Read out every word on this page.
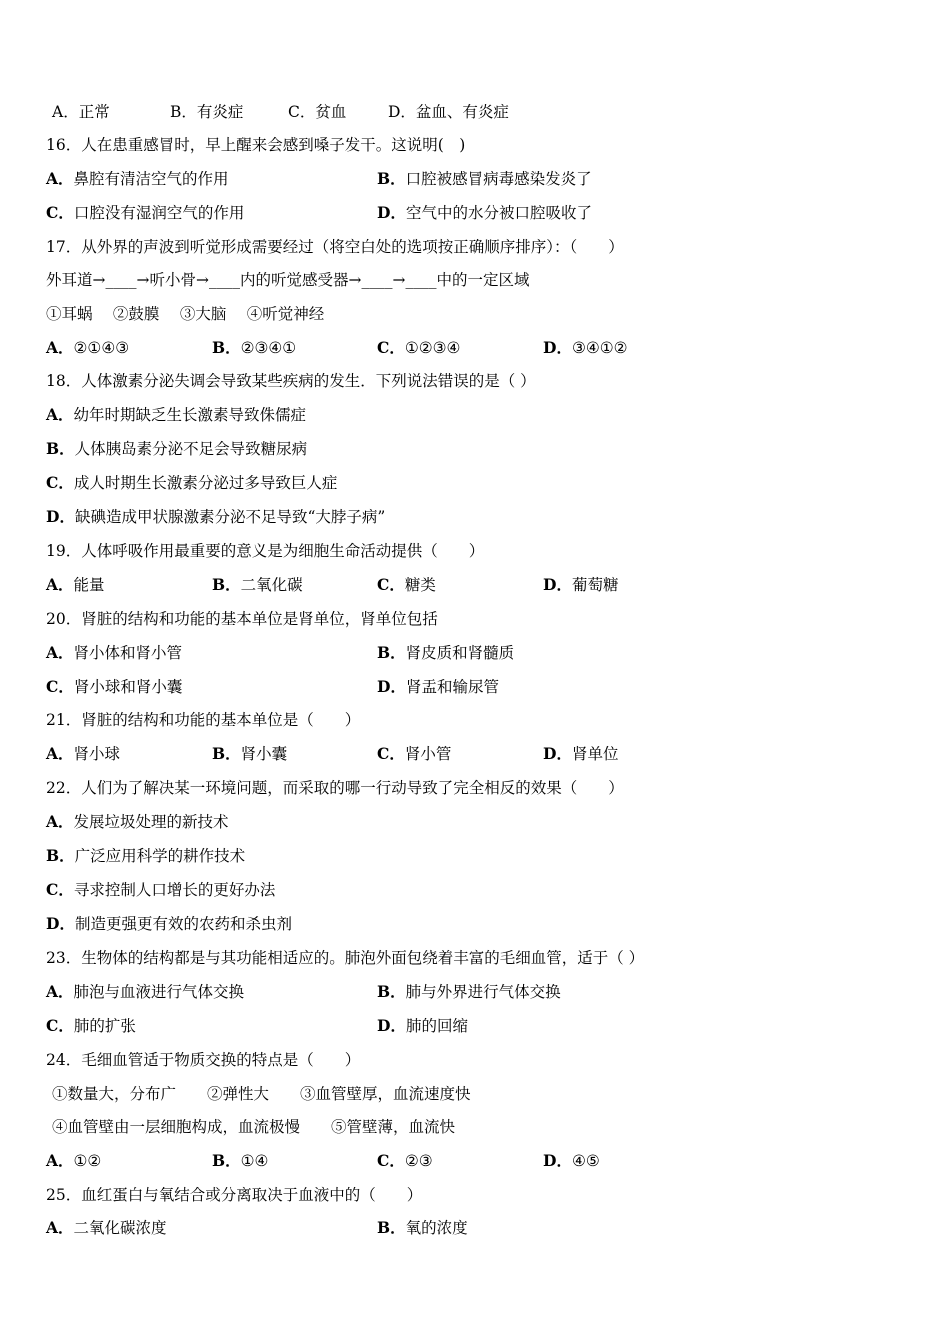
A．正常	B．有炎症	C．贫血	D．盆血、有炎症
16．人在患重感冒时，早上醒来会感到嗓子发干。这说明(　)
A．鼻腔有清洁空气的作用	B．口腔被感冒病毒感染发炎了
C．口腔没有湿润空气的作用	D．空气中的水分被口腔吸收了
17．从外界的声波到听觉形成需要经过（将空白处的选项按正确顺序排序）：（　　）
外耳道→____→听小骨→____内的听觉感受器→____→____中的一定区域
①耳蜗　 ②鼓膜　 ③大脑　 ④听觉神经
A．②①④③	B．②③④①	C．①②③④	D．③④①②
18．人体激素分泌失调会导致某些疾病的发生．下列说法错误的是（ ）
A．幼年时期缺乏生长激素导致侏儒症
B．人体胰岛素分泌不足会导致糖尿病
C．成人时期生长激素分泌过多导致巨人症
D．缺碘造成甲状腺激素分泌不足导致“大脖子病”
19．人体呼吸作用最重要的意义是为细胞生命活动提供（　　）
A．能量	B．二氧化碳	C．糖类	D．葡萄糖
20．肾脏的结构和功能的基本单位是肾单位，肾单位包括
A．肾小体和肾小管	B．肾皮质和肾髓质
C．肾小球和肾小囊	D．肾盂和输尿管
21．肾脏的结构和功能的基本单位是（　　）
A．肾小球	B．肾小囊	C．肾小管	D．肾单位
22．人们为了解决某一环境问题，而采取的哪一行动导致了完全相反的效果（　　）
A．发展垃圾处理的新技术
B．广泛应用科学的耕作技术
C．寻求控制人口增长的更好办法
D．制造更强更有效的农药和杀虫剂
23．生物体的结构都是与其功能相适应的。肺泡外面包绕着丰富的毛细血管，适于（ ）
A．肺泡与血液进行气体交换	B．肺与外界进行气体交换
C．肺的扩张	D．肺的回缩
24．毛细血管适于物质交换的特点是（　　）
①数量大，分布广　　②弹性大　　③血管壁厚，血流速度快
④血管壁由一层细胞构成，血流极慢　　⑤管壁薄，血流快
A．①②	B．①④	C．②③	D．④⑤
25．血红蛋白与氧结合或分离取决于血液中的（　　）
A．二氧化碳浓度	B．氧的浓度
